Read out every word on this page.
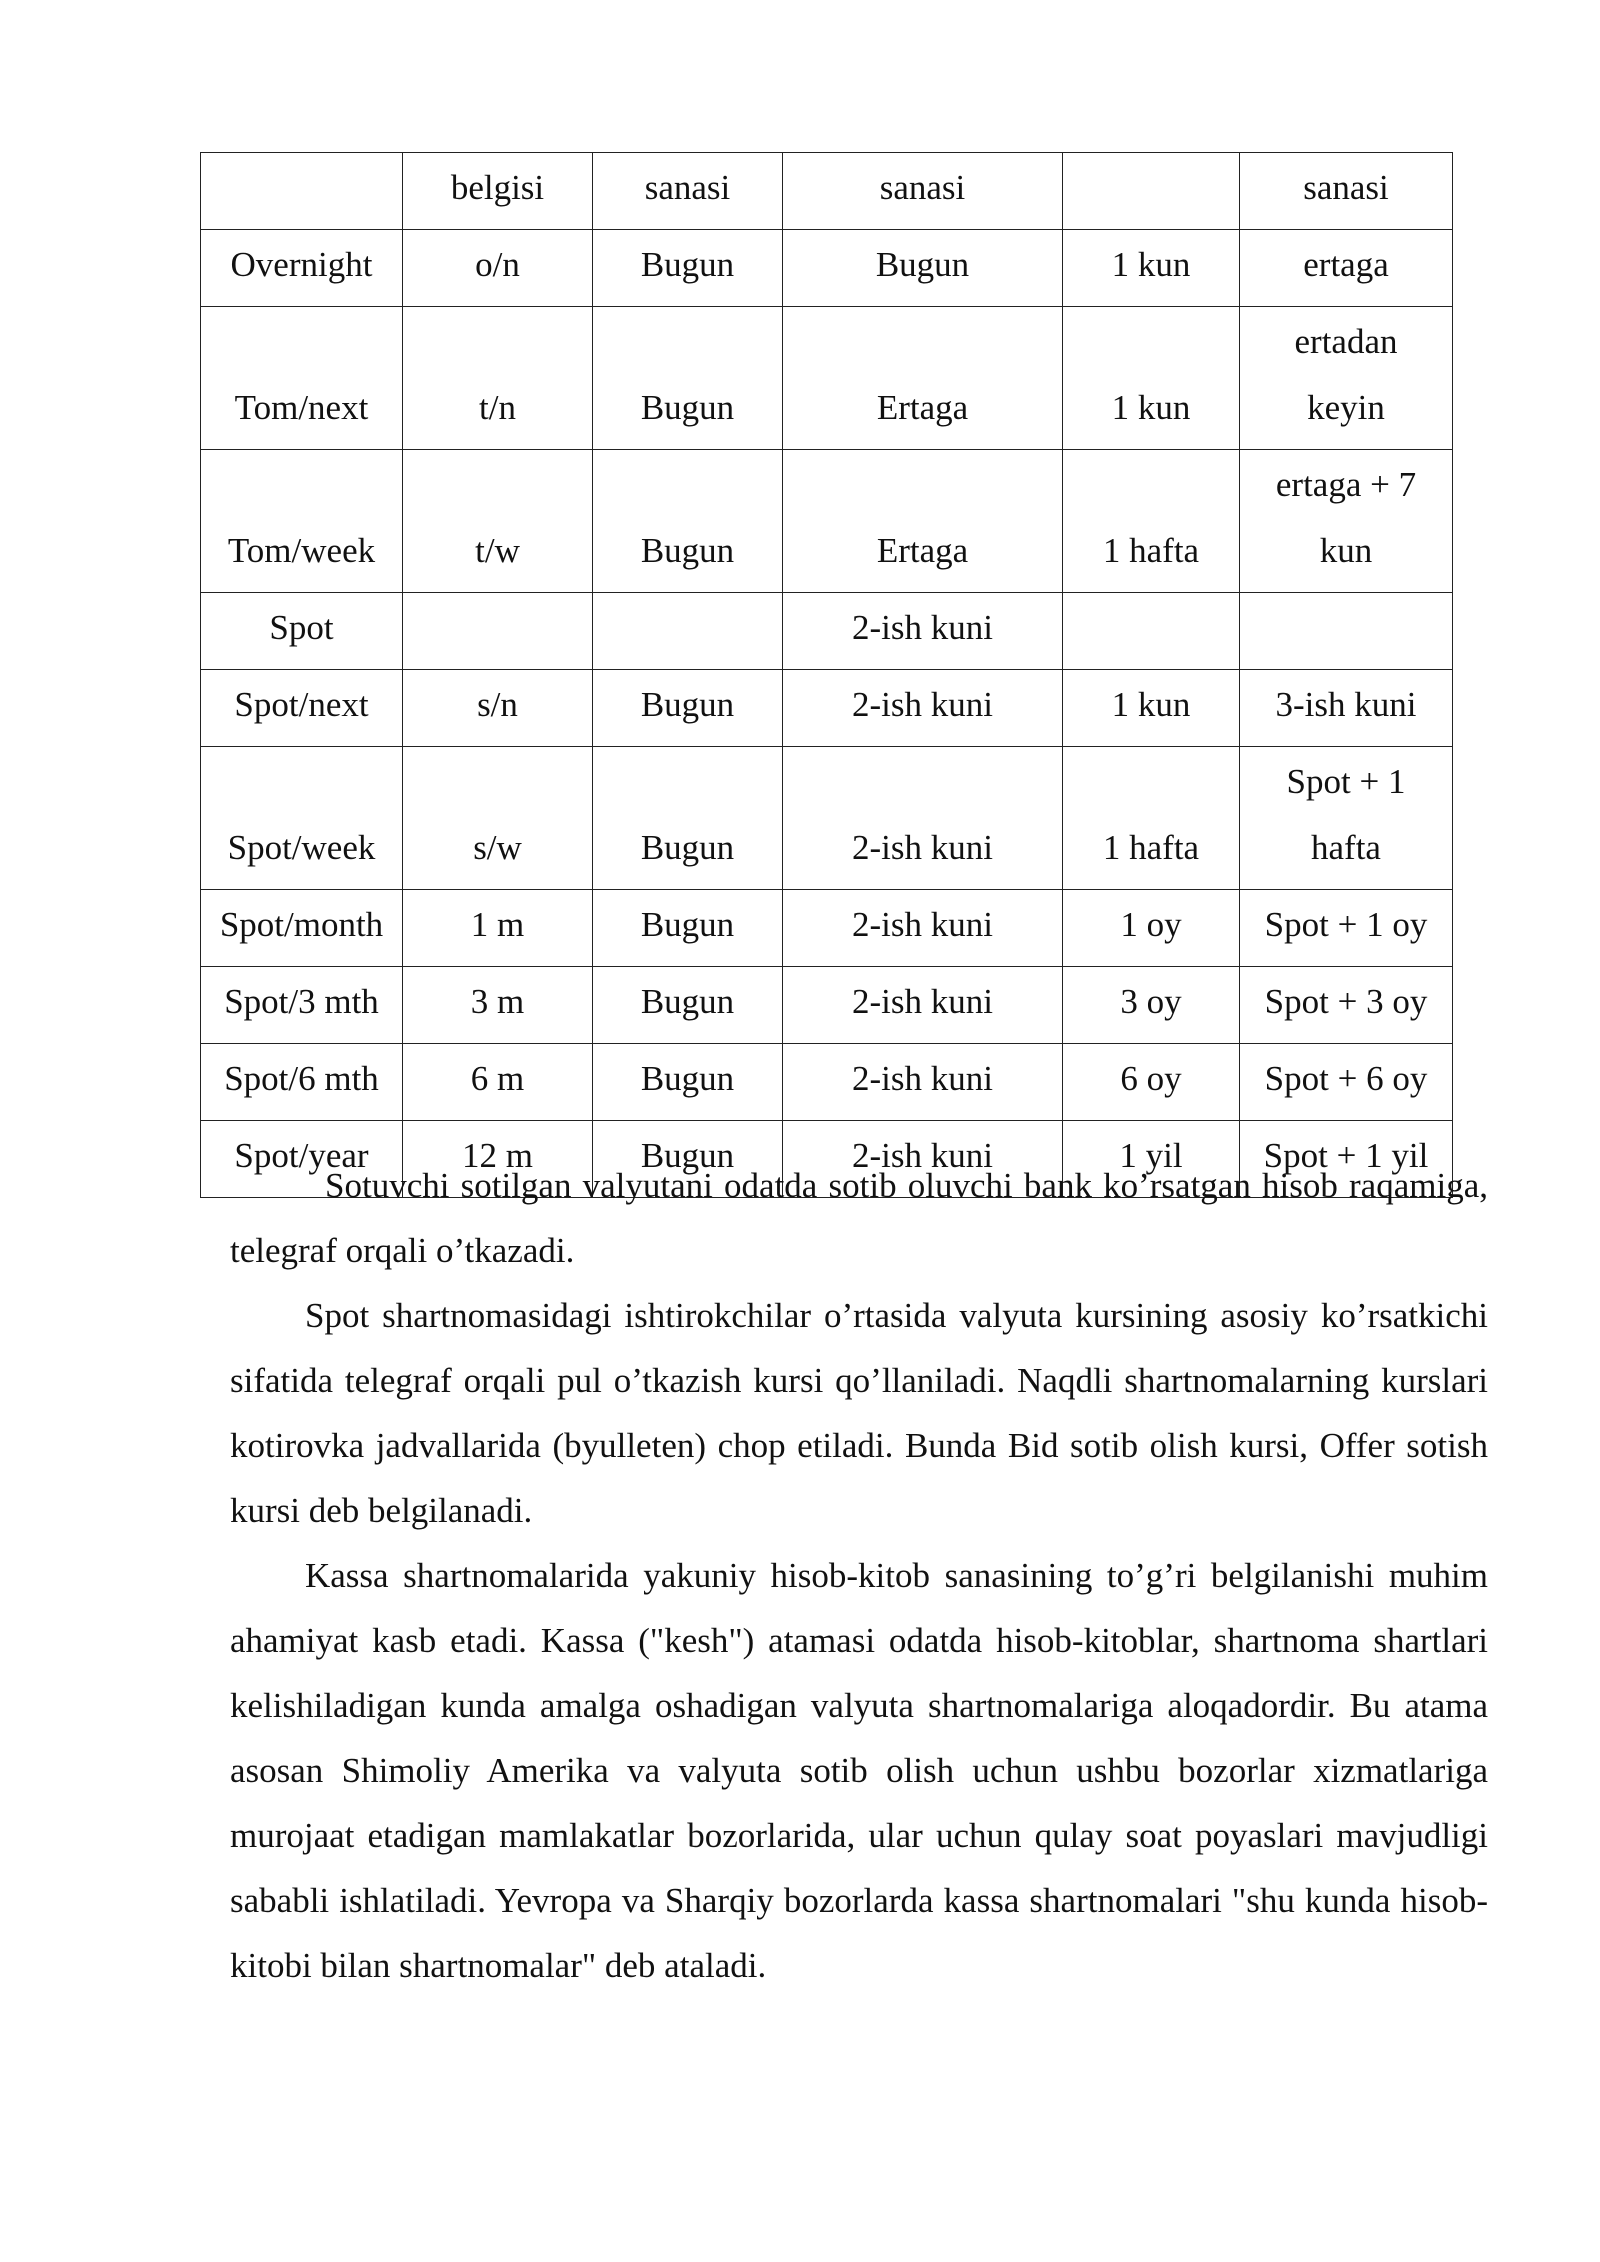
	belgisi	sanasi	sanasi		sanasi
Overnight	o/n	Bugun	Bugun	1 kun	ertaga
Tom/next	t/n	Bugun	Ertaga	1 kun	ertadan
keyin

Tom/week	t/w	Bugun	Ertaga	1 hafta	ertaga + 7
kun

Spot			2-ish kuni		
Spot/next	s/n	Bugun	2-ish kuni	1 kun	3-ish kuni
Spot/week	s/w	Bugun	2-ish kuni	1 hafta	Spot + 1
hafta

Spot/month	1 m	Bugun	2-ish kuni	1 oy	Spot + 1 oy
Spot/3 mth	3 m	Bugun	2-ish kuni	3 oy	Spot + 3 oy
Spot/6 mth	6 m	Bugun	2-ish kuni	6 oy	Spot + 6 oy
Spot/year	12 m	Bugun	2-ish kuni	1 yil	Spot + 1 yil

Sotuvchi sotilgan valyutani odatda sotib oluvchi bank ko’rsatgan hisob raqamiga, telegraf orqali o’tkazadi.

Spot shartnomasidagi ishtirokchilar o’rtasida valyuta kursining asosiy ko’rsatkichi sifatida telegraf orqali pul o’tkazish kursi qo’llaniladi. Naqdli shartnomalarning kurslari kotirovka jadvallarida (byulleten) chop etiladi. Bunda Bid sotib olish kursi, Offer sotish kursi deb belgilanadi.

Kassa shartnomalarida yakuniy hisob-kitob sanasining to’g’ri belgilanishi muhim ahamiyat kasb etadi. Kassa ("kesh") atamasi odatda hisob-kitoblar, shartnoma shartlari kelishiladigan kunda amalga oshadigan valyuta shartnomalariga aloqadordir. Bu atama asosan Shimoliy Amerika va valyuta sotib olish uchun ushbu bozorlar xizmatlariga murojaat etadigan mamlakatlar bozorlarida, ular uchun qulay soat poyaslari mavjudligi sababli ishlatiladi. Yevropa va Sharqiy bozorlarda kassa shartnomalari "shu kunda hisob-kitobi bilan shartnomalar" deb ataladi.
